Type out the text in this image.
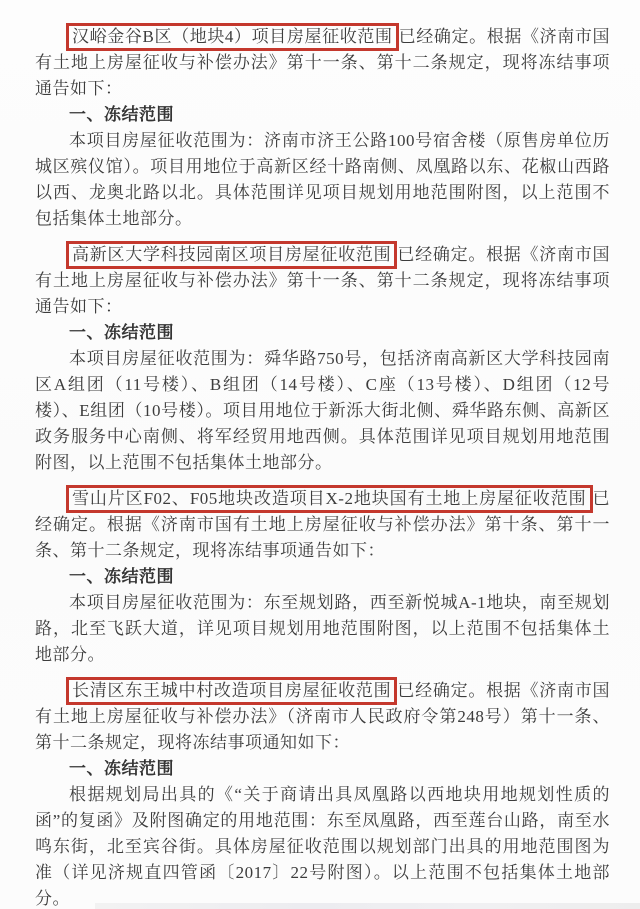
汉峪金谷B区（地块4）项目房屋征收范围 已经确定。根据《济南市国有土地上房屋征收与补偿办法》第十一条、第十二条规定，现将冻结事项通告如下：

一、冻结范围

本项目房屋征收范围为：济南市济王公路100号宿舍楼（原售房单位历城区殡仪馆）。项目用地位于高新区经十路南侧、凤凰路以东、花椒山西路以西、龙奥北路以北。具体范围详见项目规划用地范围附图，以上范围不包括集体土地部分。

高新区大学科技园南区项目房屋征收范围 已经确定。根据《济南市国有土地上房屋征收与补偿办法》第十一条、第十二条规定，现将冻结事项通告如下：

一、冻结范围

本项目房屋征收范围为：舜华路750号，包括济南高新区大学科技园南区A组团（11号楼）、B组团（14号楼）、C座（13号楼）、D组团（12号楼）、E组团（10号楼）。项目用地位于新泺大街北侧、舜华路东侧、高新区政务服务中心南侧、将军经贸用地西侧。具体范围详见项目规划用地范围附图，以上范围不包括集体土地部分。

雪山片区F02、F05地块改造项目X-2地块国有土地上房屋征收范围 已经确定。根据《济南市国有土地上房屋征收与补偿办法》第十条、第十一条、第十二条规定，现将冻结事项通告如下：

一、冻结范围

本项目房屋征收范围为：东至规划路，西至新悦城A-1地块，南至规划路，北至飞跃大道，详见项目规划用地范围附图，以上范围不包括集体土地部分。

长清区东王城中村改造项目房屋征收范围 已经确定。根据《济南市国有土地上房屋征收与补偿办法》（济南市人民政府令第248号）第十一条、第十二条规定，现将冻结事项通知如下：

一、冻结范围

根据规划局出具的《“关于商请出具凤凰路以西地块用地规划性质的函”的复函》及附图确定的用地范围：东至凤凰路，西至莲台山路，南至水鸣东街，北至宾谷街。具体房屋征收范围以规划部门出具的用地范围图为准（详见济规直四管函〔2017〕22号附图）。以上范围不包括集体土地部分。
